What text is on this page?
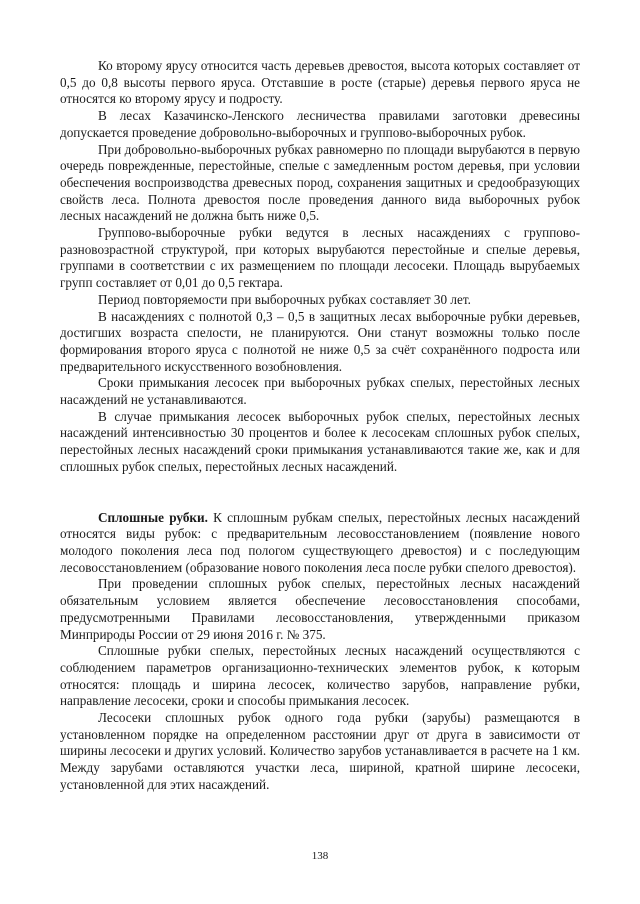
Ко второму ярусу относится часть деревьев древостоя, высота которых составляет от 0,5 до 0,8 высоты первого яруса. Отставшие в росте (старые) деревья первого яруса не относятся ко второму ярусу и подросту.

В лесах Казачинско-Ленского лесничества правилами заготовки древесины допускается проведение добровольно-выборочных и группово-выборочных рубок.

При добровольно-выборочных рубках равномерно по площади вырубаются в первую очередь поврежденные, перестойные, спелые с замедленным ростом деревья, при условии обеспечения воспроизводства древесных пород, сохранения защитных и средообразующих свойств леса. Полнота древостоя после проведения данного вида выборочных рубок лесных насаждений не должна быть ниже 0,5.

Группово-выборочные рубки ведутся в лесных насаждениях с группово-разновозрастной структурой, при которых вырубаются перестойные и спелые деревья, группами в соответствии с их размещением по площади лесосеки. Площадь вырубаемых групп составляет от 0,01 до 0,5 гектара.

Период повторяемости при выборочных рубках составляет 30 лет.

В насаждениях с полнотой 0,3 – 0,5 в защитных лесах выборочные рубки деревьев, достигших возраста спелости, не планируются. Они станут возможны только после формирования второго яруса с полнотой не ниже 0,5 за счёт сохранённого подроста или предварительного искусственного возобновления.

Сроки примыкания лесосек при выборочных рубках спелых, перестойных лесных насаждений не устанавливаются.

В случае примыкания лесосек выборочных рубок спелых, перестойных лесных насаждений интенсивностью 30 процентов и более к лесосекам сплошных рубок спелых, перестойных лесных насаждений сроки примыкания устанавливаются такие же, как и для сплошных рубок спелых, перестойных лесных насаждений.

Сплошные рубки. К сплошным рубкам спелых, перестойных лесных насаждений относятся виды рубок: с предварительным лесовосстановлением (появление нового молодого поколения леса под пологом существующего древостоя) и с последующим лесовосстановлением (образование нового поколения леса после рубки спелого древостоя).

При проведении сплошных рубок спелых, перестойных лесных насаждений обязательным условием является обеспечение лесовосстановления способами, предусмотренными Правилами лесовосстановления, утвержденными приказом Минприроды России от 29 июня 2016 г. № 375.

Сплошные рубки спелых, перестойных лесных насаждений осуществляются с соблюдением параметров организационно-технических элементов рубок, к которым относятся: площадь и ширина лесосек, количество зарубов, направление рубки, направление лесосеки, сроки и способы примыкания лесосек.

Лесосеки сплошных рубок одного года рубки (зарубы) размещаются в установленном порядке на определенном расстоянии друг от друга в зависимости от ширины лесосеки и других условий. Количество зарубов устанавливается в расчете на 1 км. Между зарубами оставляются участки леса, шириной, кратной ширине лесосеки, установленной для этих насаждений.

138
